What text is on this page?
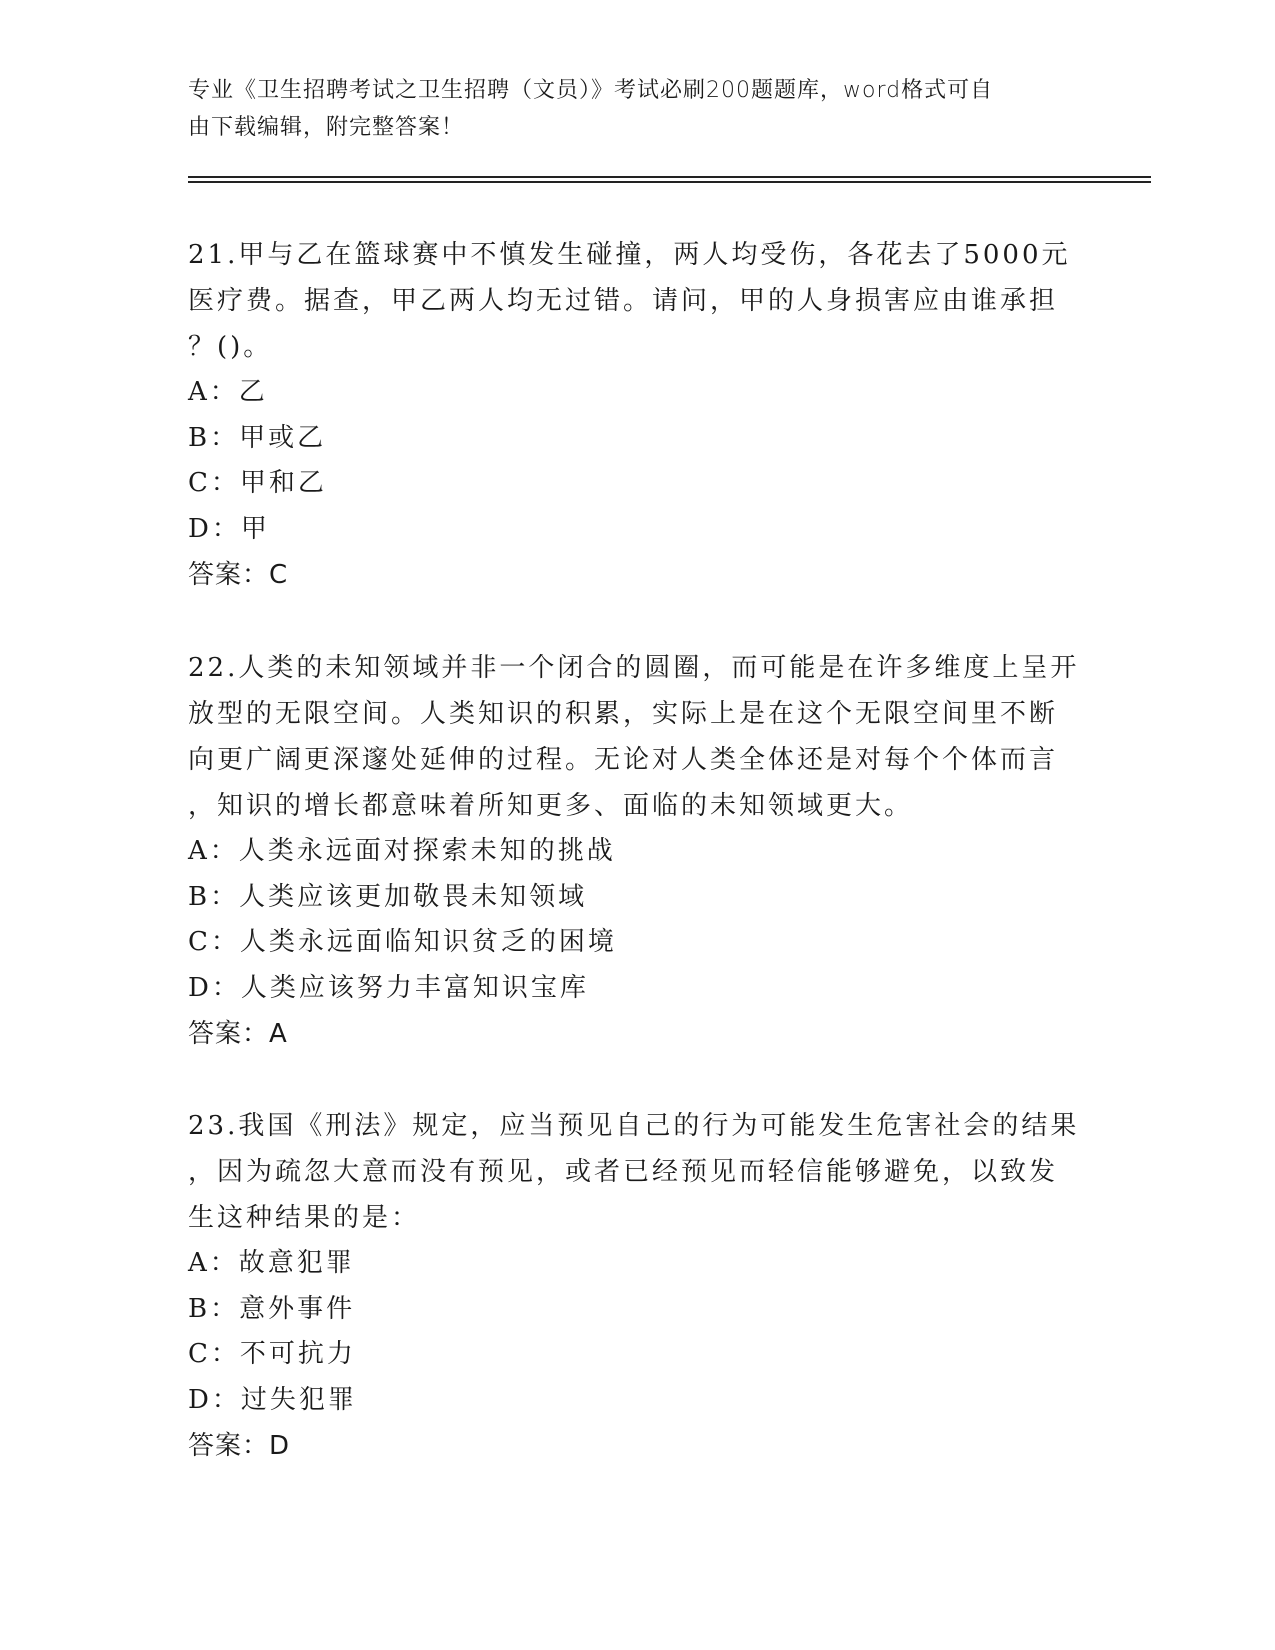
专业《卫生招聘考试之卫生招聘（文员）》考试必刷200题题库，word格式可自
由下载编辑，附完整答案！

21.甲与乙在篮球赛中不慎发生碰撞，两人均受伤，各花去了5000元

医疗费。据查，甲乙两人均无过错。请问，甲的人身损害应由谁承担

？()。

A：乙

B：甲或乙

C：甲和乙

D：甲

答案：C

22.人类的未知领域并非一个闭合的圆圈，而可能是在许多维度上呈开

放型的无限空间。人类知识的积累，实际上是在这个无限空间里不断

向更广阔更深邃处延伸的过程。无论对人类全体还是对每个个体而言

，知识的增长都意味着所知更多、面临的未知领域更大。

A：人类永远面对探索未知的挑战

B：人类应该更加敬畏未知领域

C：人类永远面临知识贫乏的困境

D：人类应该努力丰富知识宝库

答案：A

23.我国《刑法》规定，应当预见自己的行为可能发生危害社会的结果

，因为疏忽大意而没有预见，或者已经预见而轻信能够避免，以致发

生这种结果的是：

A：故意犯罪

B：意外事件

C：不可抗力

D：过失犯罪

答案：D
